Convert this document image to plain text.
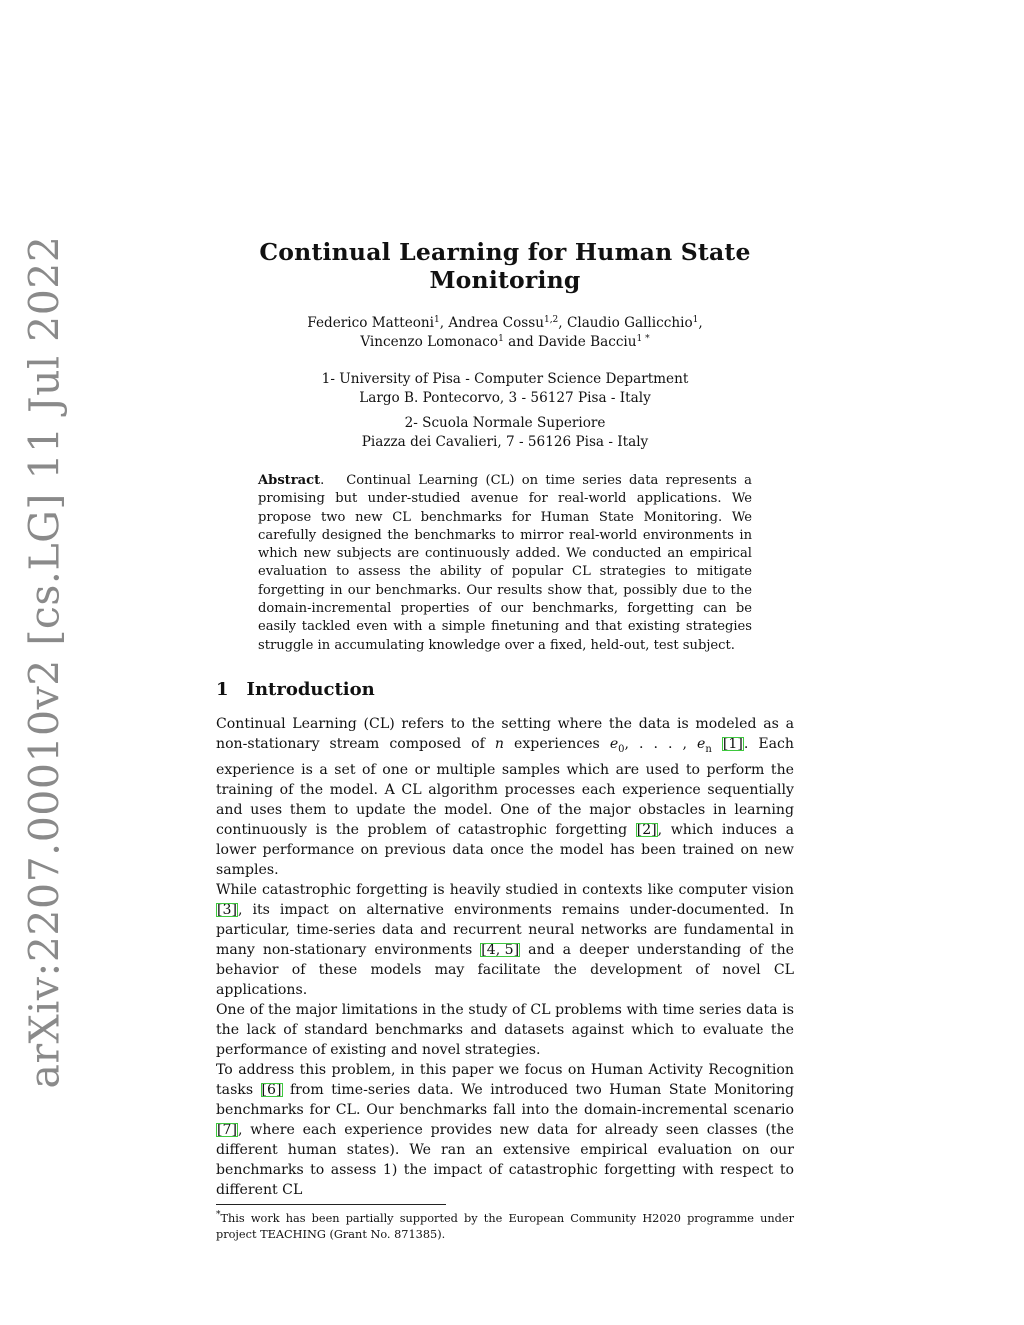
arXiv:2207.00010v2 [cs.LG] 11 Jul 2022	Continual Learning for Human State Monitoring
Federico Matteoni$^1$, Andrea Cossu$^{1,2}$, Claudio Gallicchio$^1$,
Vincenzo Lomonaco$^1$ and Davide Bacciu$^{1 *}$
1- University of Pisa - Computer Science Department
Largo B. Pontecorvo, 3 - 56127 Pisa - Italy
2- Scuola Normale Superiore
Piazza dei Cavalieri, 7 - 56126 Pisa - Italy
Abstract.   Continual Learning (CL) on time series data represents a promising but under-studied avenue for real-world applications. We propose two new CL benchmarks for Human State Monitoring. We carefully designed the benchmarks to mirror real-world environments in which new subjects are continuously added. We conducted an empirical evaluation to assess the ability of popular CL strategies to mitigate forgetting in our benchmarks. Our results show that, possibly due to the domain-incremental properties of our benchmarks, forgetting can be easily tackled even with a simple finetuning and that existing strategies struggle in accumulating knowledge over a fixed, held-out, test subject.
1 Introduction

Continual Learning (CL) refers to the setting where the data is modeled as a non-stationary stream composed of n experiences $e_0$, . . . , $e_n$ [1]. Each experience is a set of one or multiple samples which are used to perform the training of the model. A CL algorithm processes each experience sequentially and uses them to update the model. One of the major obstacles in learning continuously is the problem of catastrophic forgetting [2], which induces a lower performance on previous data once the model has been trained on new samples.

While catastrophic forgetting is heavily studied in contexts like computer vision [3], its impact on alternative environments remains under-documented. In particular, time-series data and recurrent neural networks are fundamental in many non-stationary environments [4, 5] and a deeper understanding of the behavior of these models may facilitate the development of novel CL applications.

One of the major limitations in the study of CL problems with time series data is the lack of standard benchmarks and datasets against which to evaluate the performance of existing and novel strategies.

To address this problem, in this paper we focus on Human Activity Recognition tasks [6] from time-series data. We introduced two Human State Monitoring benchmarks for CL. Our benchmarks fall into the domain-incremental scenario [7], where each experience provides new data for already seen classes (the different human states). We ran an extensive empirical evaluation on our benchmarks to assess 1) the impact of catastrophic forgetting with respect to different CL

*This work has been partially supported by the European Community H2020 programme under project TEACHING (Grant No. 871385).
